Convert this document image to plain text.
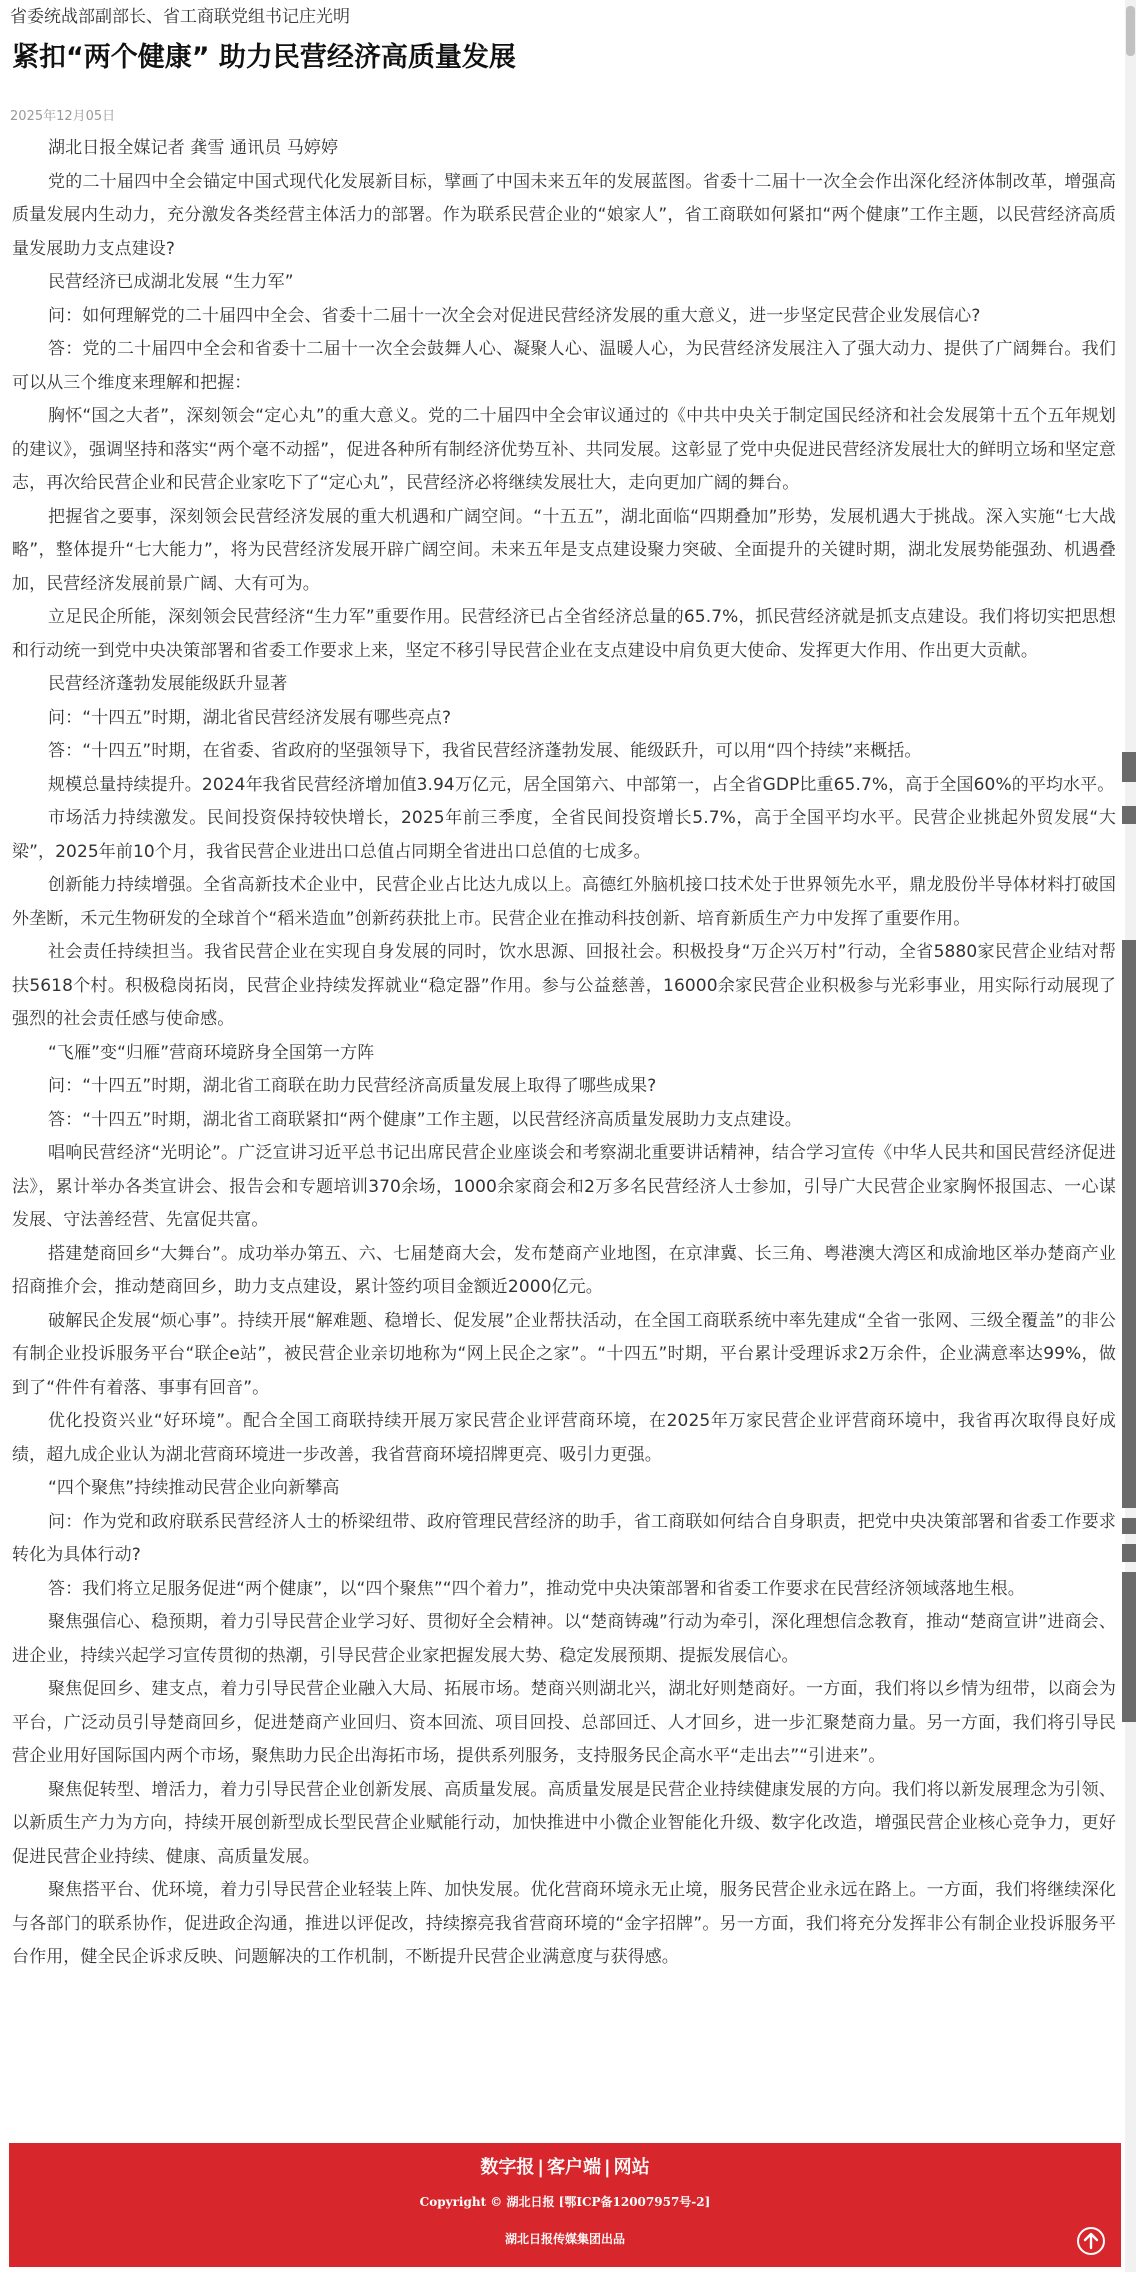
省委统战部副部长、省工商联党组书记庄光明
紧扣“两个健康” 助力民营经济高质量发展
2025年12月05日

湖北日报全媒记者 龚雪 通讯员 马婷婷

党的二十届四中全会锚定中国式现代化发展新目标，擘画了中国未来五年的发展蓝图。省委十二届十一次全会作出深化经济体制改革，增强高质量发展内生动力，充分激发各类经营主体活力的部署。作为联系民营企业的“娘家人”，省工商联如何紧扣“两个健康”工作主题，以民营经济高质量发展助力支点建设?

民营经济已成湖北发展 “生力军”

问：如何理解党的二十届四中全会、省委十二届十一次全会对促进民营经济发展的重大意义，进一步坚定民营企业发展信心?

答：党的二十届四中全会和省委十二届十一次全会鼓舞人心、凝聚人心、温暖人心，为民营经济发展注入了强大动力、提供了广阔舞台。我们可以从三个维度来理解和把握：

胸怀“国之大者”，深刻领会“定心丸”的重大意义。党的二十届四中全会审议通过的《中共中央关于制定国民经济和社会发展第十五个五年规划的建议》，强调坚持和落实“两个毫不动摇”，促进各种所有制经济优势互补、共同发展。这彰显了党中央促进民营经济发展壮大的鲜明立场和坚定意志，再次给民营企业和民营企业家吃下了“定心丸”，民营经济必将继续发展壮大，走向更加广阔的舞台。

把握省之要事，深刻领会民营经济发展的重大机遇和广阔空间。“十五五”，湖北面临“四期叠加”形势，发展机遇大于挑战。深入实施“七大战略”，整体提升“七大能力”，将为民营经济发展开辟广阔空间。未来五年是支点建设聚力突破、全面提升的关键时期，湖北发展势能强劲、机遇叠加，民营经济发展前景广阔、大有可为。

立足民企所能，深刻领会民营经济“生力军”重要作用。民营经济已占全省经济总量的65.7%，抓民营经济就是抓支点建设。我们将切实把思想和行动统一到党中央决策部署和省委工作要求上来，坚定不移引导民营企业在支点建设中肩负更大使命、发挥更大作用、作出更大贡献。

民营经济蓬勃发展能级跃升显著

问：“十四五”时期，湖北省民营经济发展有哪些亮点?

答：“十四五”时期，在省委、省政府的坚强领导下，我省民营经济蓬勃发展、能级跃升，可以用“四个持续”来概括。

规模总量持续提升。2024年我省民营经济增加值3.94万亿元，居全国第六、中部第一，占全省GDP比重65.7%，高于全国60%的平均水平。

市场活力持续激发。民间投资保持较快增长，2025年前三季度，全省民间投资增长5.7%，高于全国平均水平。民营企业挑起外贸发展“大梁”，2025年前10个月，我省民营企业进出口总值占同期全省进出口总值的七成多。

创新能力持续增强。全省高新技术企业中，民营企业占比达九成以上。高德红外脑机接口技术处于世界领先水平，鼎龙股份半导体材料打破国外垄断，禾元生物研发的全球首个“稻米造血”创新药获批上市。民营企业在推动科技创新、培育新质生产力中发挥了重要作用。

社会责任持续担当。我省民营企业在实现自身发展的同时，饮水思源、回报社会。积极投身“万企兴万村”行动，全省5880家民营企业结对帮扶5618个村。积极稳岗拓岗，民营企业持续发挥就业“稳定器”作用。参与公益慈善，16000余家民营企业积极参与光彩事业，用实际行动展现了强烈的社会责任感与使命感。

“飞雁”变“归雁”营商环境跻身全国第一方阵

问：“十四五”时期，湖北省工商联在助力民营经济高质量发展上取得了哪些成果?

答：“十四五”时期，湖北省工商联紧扣“两个健康”工作主题，以民营经济高质量发展助力支点建设。

唱响民营经济“光明论”。广泛宣讲习近平总书记出席民营企业座谈会和考察湖北重要讲话精神，结合学习宣传《中华人民共和国民营经济促进法》，累计举办各类宣讲会、报告会和专题培训370余场，1000余家商会和2万多名民营经济人士参加，引导广大民营企业家胸怀报国志、一心谋发展、守法善经营、先富促共富。

搭建楚商回乡“大舞台”。成功举办第五、六、七届楚商大会，发布楚商产业地图，在京津冀、长三角、粤港澳大湾区和成渝地区举办楚商产业招商推介会，推动楚商回乡，助力支点建设，累计签约项目金额近2000亿元。

破解民企发展“烦心事”。持续开展“解难题、稳增长、促发展”企业帮扶活动，在全国工商联系统中率先建成“全省一张网、三级全覆盖”的非公有制企业投诉服务平台“联企e站”，被民营企业亲切地称为“网上民企之家”。“十四五”时期，平台累计受理诉求2万余件，企业满意率达99%，做到了“件件有着落、事事有回音”。

优化投资兴业“好环境”。配合全国工商联持续开展万家民营企业评营商环境，在2025年万家民营企业评营商环境中，我省再次取得良好成绩，超九成企业认为湖北营商环境进一步改善，我省营商环境招牌更亮、吸引力更强。

“四个聚焦”持续推动民营企业向新攀高

问：作为党和政府联系民营经济人士的桥梁纽带、政府管理民营经济的助手，省工商联如何结合自身职责，把党中央决策部署和省委工作要求转化为具体行动?

答：我们将立足服务促进“两个健康”，以“四个聚焦”“四个着力”，推动党中央决策部署和省委工作要求在民营经济领域落地生根。

聚焦强信心、稳预期，着力引导民营企业学习好、贯彻好全会精神。以“楚商铸魂”行动为牵引，深化理想信念教育，推动“楚商宣讲”进商会、进企业，持续兴起学习宣传贯彻的热潮，引导民营企业家把握发展大势、稳定发展预期、提振发展信心。

聚焦促回乡、建支点，着力引导民营企业融入大局、拓展市场。楚商兴则湖北兴，湖北好则楚商好。一方面，我们将以乡情为纽带，以商会为平台，广泛动员引导楚商回乡，促进楚商产业回归、资本回流、项目回投、总部回迁、人才回乡，进一步汇聚楚商力量。另一方面，我们将引导民营企业用好国际国内两个市场，聚焦助力民企出海拓市场，提供系列服务，支持服务民企高水平“走出去”“引进来”。

聚焦促转型、增活力，着力引导民营企业创新发展、高质量发展。高质量发展是民营企业持续健康发展的方向。我们将以新发展理念为引领、以新质生产力为方向，持续开展创新型成长型民营企业赋能行动，加快推进中小微企业智能化升级、数字化改造，增强民营企业核心竞争力，更好促进民营企业持续、健康、高质量发展。

聚焦搭平台、优环境，着力引导民营企业轻装上阵、加快发展。优化营商环境永无止境，服务民营企业永远在路上。一方面，我们将继续深化与各部门的联系协作，促进政企沟通，推进以评促改，持续擦亮我省营商环境的“金字招牌”。另一方面，我们将充分发挥非公有制企业投诉服务平台作用，健全民企诉求反映、问题解决的工作机制，不断提升民营企业满意度与获得感。

数字报 | 客户端 | 网站
Copyright © 湖北日报 [鄂ICP备12007957号-2]
湖北日报传媒集团出品
